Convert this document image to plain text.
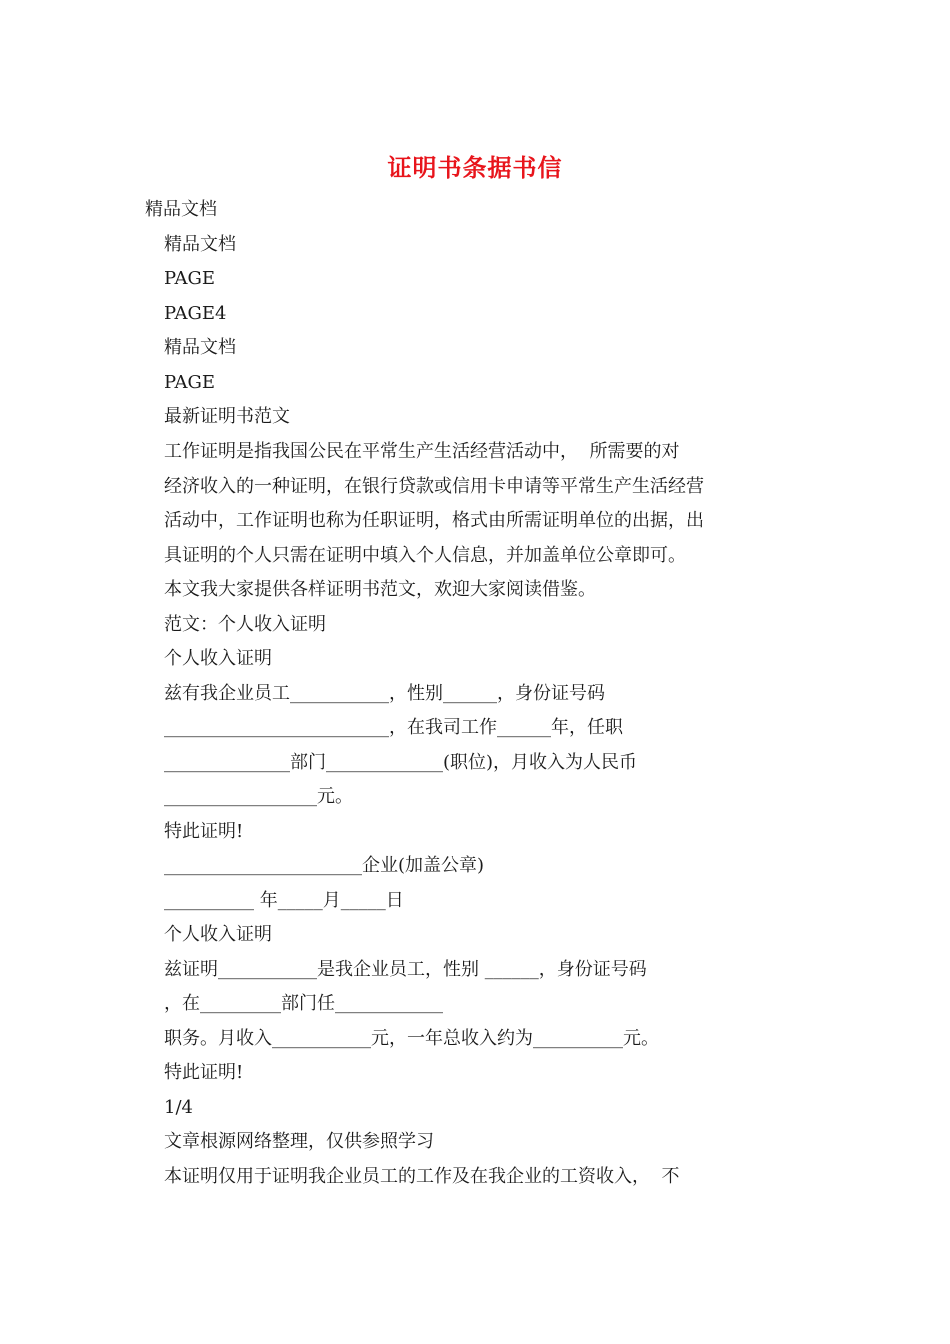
证明书条据书信
精品文档
精品文档
PAGE
PAGE4
精品文档
PAGE
最新证明书范文
工作证明是指我国公民在平常生产生活经营活动中，  所需要的对
经济收入的一种证明，在银行贷款或信用卡申请等平常生产生活经营
活动中，工作证明也称为任职证明，格式由所需证明单位的出据，出
具证明的个人只需在证明中填入个人信息，并加盖单位公章即可。
本文我大家提供各样证明书范文，欢迎大家阅读借鉴。
范文：个人收入证明
个人收入证明
兹有我企业员工___________，性别______，身份证号码
_________________________，在我司工作______年，任职
______________部门_____________(职位)，月收入为人民币
_________________元。
特此证明!
______________________企业(加盖公章)
__________ 年_____月_____日
个人收入证明
兹证明___________是我企业员工，性别 ______，身份证号码
，在_________部门任____________
职务。月收入___________元，一年总收入约为__________元。
特此证明!
1/4
文章根源网络整理，仅供参照学习
本证明仅用于证明我企业员工的工作及在我企业的工资收入，  不
